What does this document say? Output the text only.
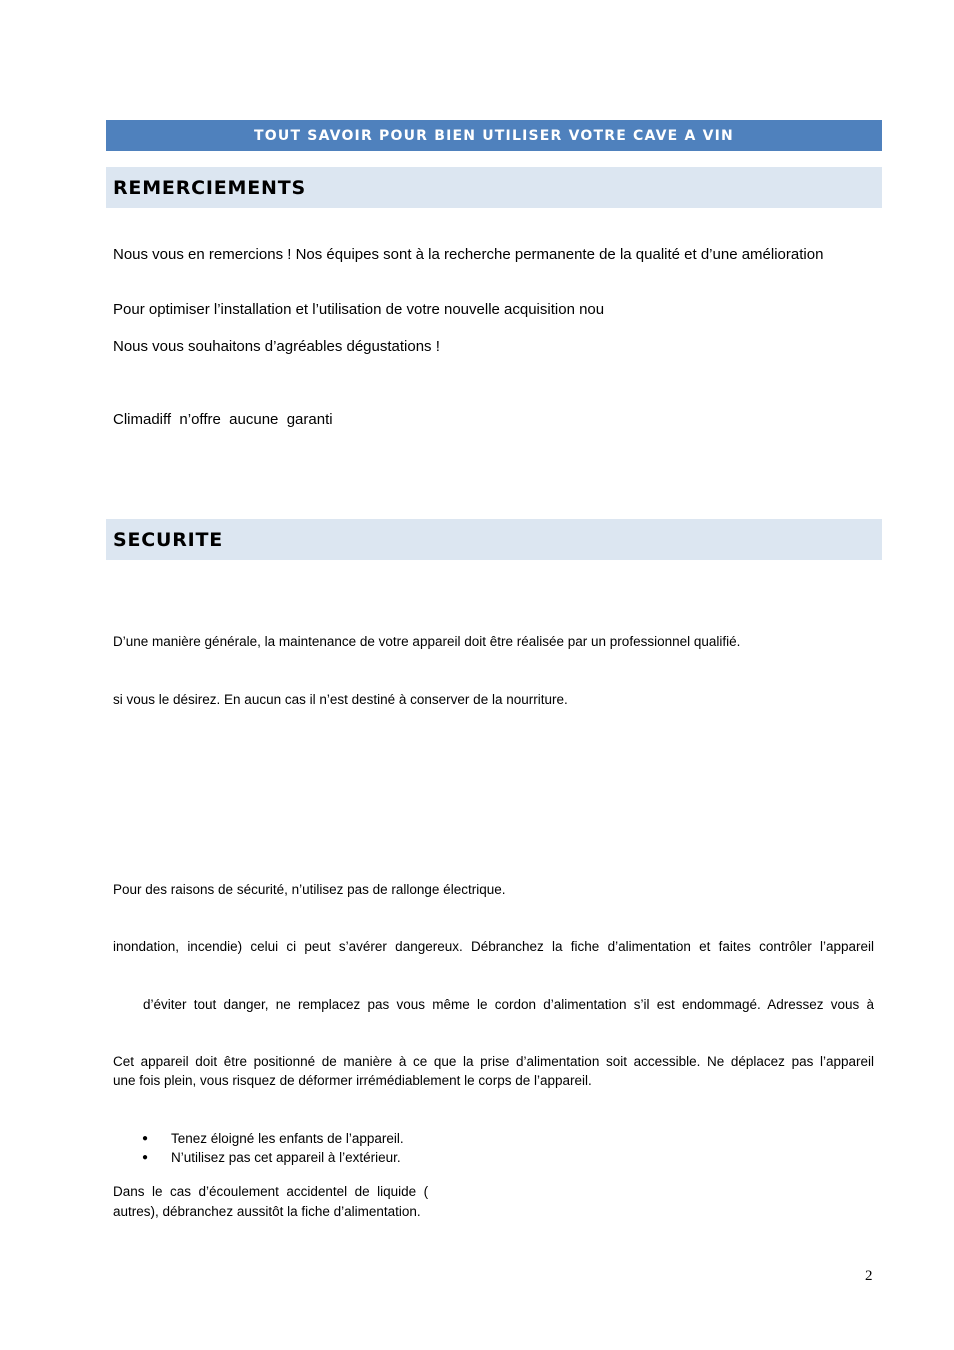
TOUT SAVOIR POUR BIEN UTILISER VOTRE CAVE A VIN
REMERCIEMENTS
Nous vous en remercions ! Nos équipes sont à la recherche permanente de la qualité et d’une amélioration
Pour optimiser l’installation et l’utilisation de votre nouvelle acquisition nou
Nous vous souhaitons d’agréables dégustations !
Climadiff  n’offre  aucune  garanti
SECURITE
D’une manière générale, la maintenance de votre appareil doit être réalisée par un professionnel qualifié.
si vous le désirez. En aucun cas il n’est destiné à conserver de la nourriture.
Pour des raisons de sécurité, n’utilisez pas de rallonge électrique.
inondation, incendie) celui ci peut s’avérer dangereux. Débranchez la fiche d’alimentation et faites contrôler l’appareil
d’éviter tout danger, ne remplacez pas vous même le cordon d’alimentation s’il est endommagé. Adressez vous à
Cet appareil doit être positionné de manière à ce que la prise d’alimentation soit accessible. Ne déplacez pas l’appareil
une fois plein, vous risquez de déformer irrémédiablement le corps de l’appareil.
● Tenez éloigné les enfants de l’appareil.
● N’utilisez pas cet appareil à l’extérieur.
Dans  le  cas  d’écoulement  accidentel  de  liquide  (
autres), débranchez aussitôt la fiche d’alimentation.
2
